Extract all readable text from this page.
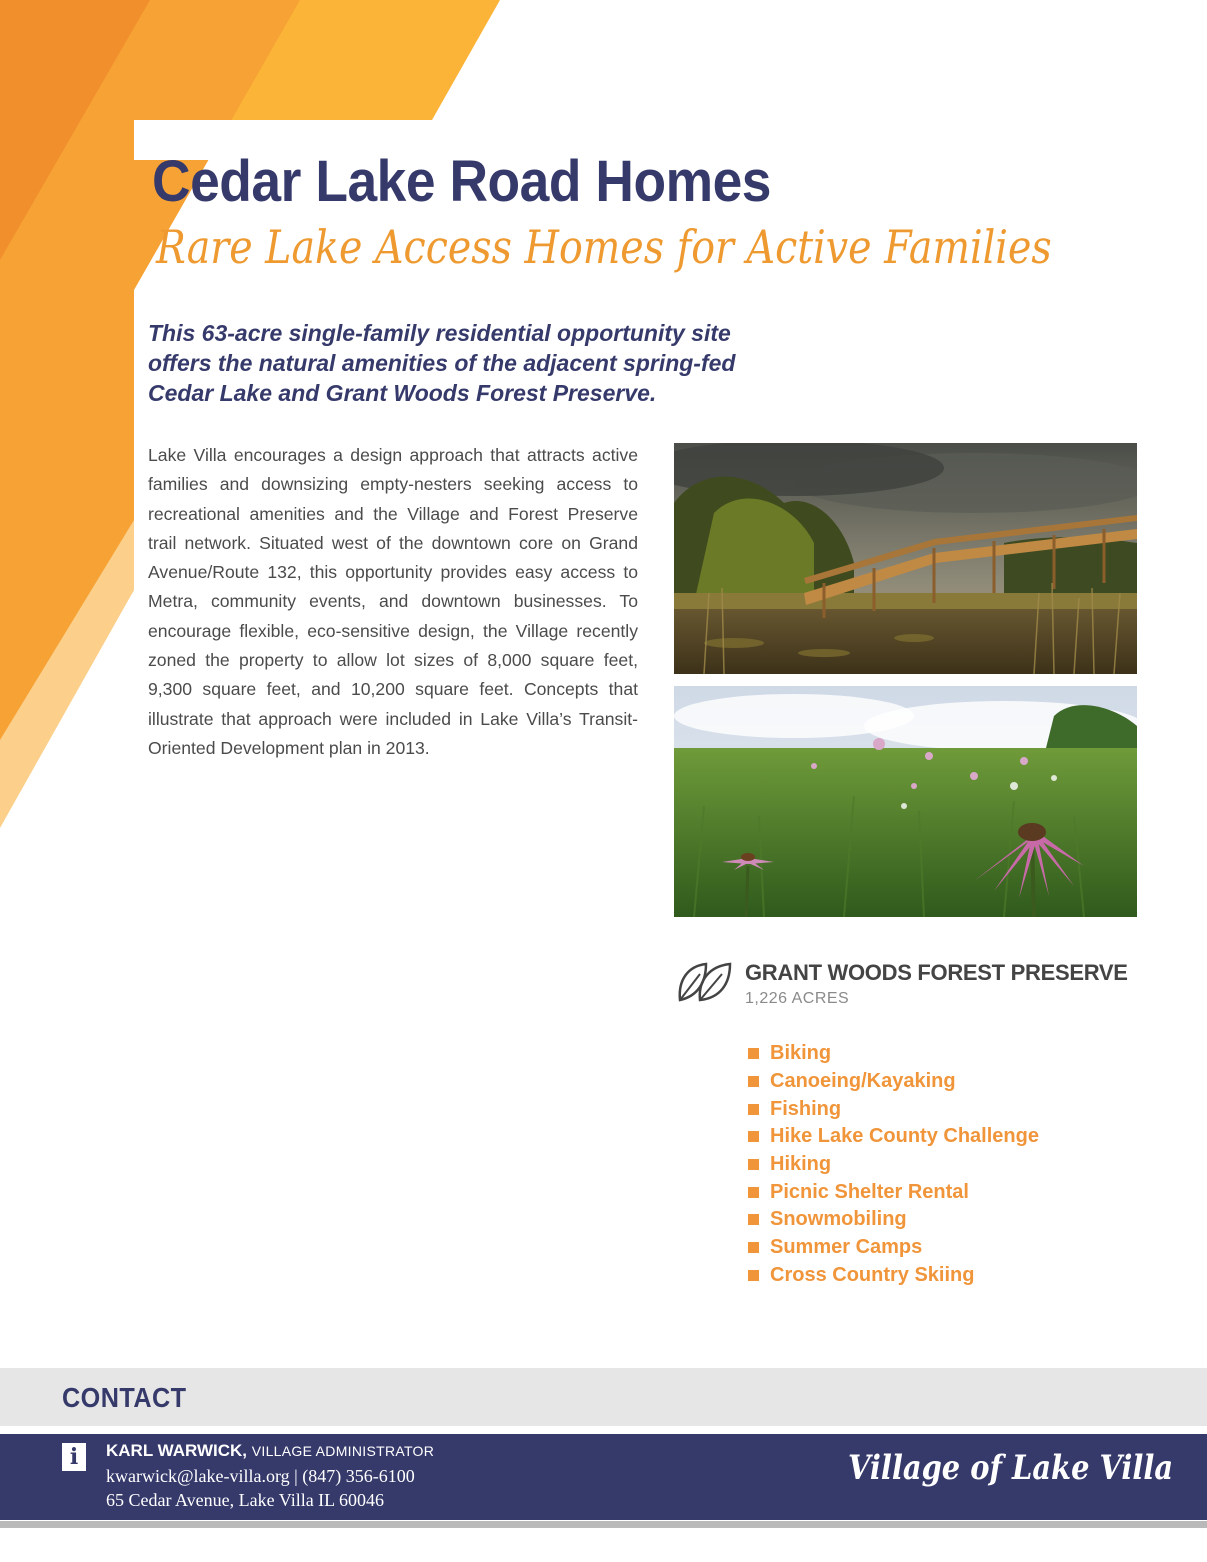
Cedar Lake Road Homes
Rare Lake Access Homes for Active Families
This 63-acre single-family residential opportunity site
offers the natural amenities of the adjacent spring-fed
Cedar Lake and Grant Woods Forest Preserve.
Lake Villa encourages a design approach that attracts active families and downsizing empty-nesters seeking access to recreational amenities and the Village and Forest Preserve trail network. Situated west of the downtown core on Grand Avenue/Route 132, this opportunity provides easy access to Metra, community events, and downtown businesses. To encourage flexible, eco-sensitive design, the Village recently zoned the property to allow lot sizes of 8,000 square feet, 9,300 square feet, and 10,200 square feet. Concepts that illustrate that approach were included in Lake Villa’s Transit-Oriented Development plan in 2013.
GRANT WOODS FOREST PRESERVE
1,226 ACRES
Biking
Canoeing/Kayaking
Fishing
Hike Lake County Challenge
Hiking
Picnic Shelter Rental
Snowmobiling
Summer Camps
Cross Country Skiing
CONTACT
i	KARL WARWICK, VILLAGE ADMINISTRATOR
kwarwick@lake-villa.org | (847) 356-6100
65 Cedar Avenue, Lake Villa IL 60046
Village of Lake Villa
